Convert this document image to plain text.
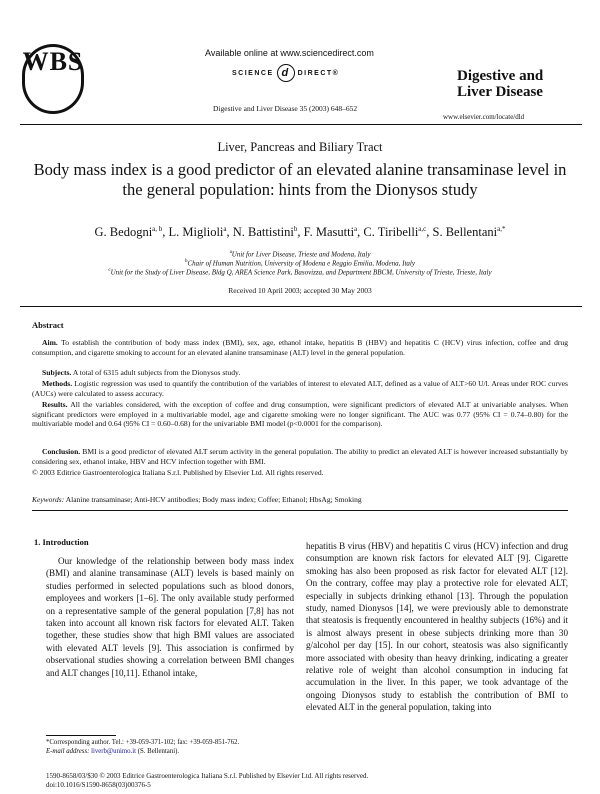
WBS	Available online at www.sciencedirect.com
SCIENCE d DIRECT®
Digestive and Liver Disease 35 (2003) 648–652
Digestive and
Liver Disease
www.elsevier.com/locate/dld
Liver, Pancreas and Biliary Tract
Body mass index is a good predictor of an elevated alanine transaminase level in the general population: hints from the Dionysos study
G. Bedogni$^{a, b}$, L. Miglioli$^a$, N. Battistini$^b$, F. Masutti$^a$, C. Tiribelli$^{a,c}$, S. Bellentani$^{a,*}$
$^a$Unit for Liver Disease, Trieste and Modena, Italy
$^b$Chair of Human Nutrition, University of Modena e Reggio Emilia, Modena, Italy
$^c$Unit for the Study of Liver Disease, Bldg Q, AREA Science Park, Basovizza, and Department BBCM, University of Trieste, Trieste, Italy
Received 10 April 2003; accepted 30 May 2003
Abstract
Aim. To establish the contribution of body mass index (BMI), sex, age, ethanol intake, hepatitis B (HBV) and hepatitis C (HCV) virus infection, coffee and drug consumption, and cigarette smoking to account for an elevated alanine transaminase (ALT) level in the general population.
Subjects. A total of 6315 adult subjects from the Dionysos study.
Methods. Logistic regression was used to quantify the contribution of the variables of interest to elevated ALT, defined as a value of ALT>60 U/l. Areas under ROC curves (AUCs) were calculated to assess accuracy.
Results. All the variables considered, with the exception of coffee and drug consumption, were significant predictors of elevated ALT at univariable analyses. When significant predictors were employed in a multivariable model, age and cigarette smoking were no longer significant. The AUC was 0.77 (95% CI = 0.74–0.80) for the multivariable model and 0.64 (95% CI = 0.60–0.68) for the univariable BMI model (p<0.0001 for the comparison).
Conclusion. BMI is a good predictor of elevated ALT serum activity in the general population. The ability to predict an elevated ALT is however increased substantially by considering sex, ethanol intake, HBV and HCV infection together with BMI.
© 2003 Editrice Gastroenterologica Italiana S.r.l. Published by Elsevier Ltd. All rights reserved.
Keywords: Alanine transaminase; Anti-HCV antibodies; Body mass index; Coffee; Ethanol; HbsAg; Smoking
1. Introduction
Our knowledge of the relationship between body mass index (BMI) and alanine transaminase (ALT) levels is based mainly on studies performed in selected populations such as blood donors, employees and workers [1–6]. The only available study performed on a representative sample of the general population [7,8] has not taken into account all known risk factors for elevated ALT. Taken together, these studies show that high BMI values are associated with elevated ALT levels [9]. This association is confirmed by observational studies showing a correlation between BMI changes and ALT changes [10,11]. Ethanol intake,
hepatitis B virus (HBV) and hepatitis C virus (HCV) infection and drug consumption are known risk factors for elevated ALT [9]. Cigarette smoking has also been proposed as risk factor for elevated ALT [12]. On the contrary, coffee may play a protective role for elevated ALT, especially in subjects drinking ethanol [13]. Through the population study, named Dionysos [14], we were previously able to demonstrate that steatosis is frequently encountered in healthy subjects (16%) and it is almost always present in obese subjects drinking more than 30 g/alcohol per day [15]. In our cohort, steatosis was also significantly more associated with obesity than heavy drinking, indicating a greater relative role of weight than alcohol consumption in inducing fat accumulation in the liver. In this paper, we took advantage of the ongoing Dionysos study to establish the contribution of BMI to elevated ALT in the general population, taking into
*Corresponding author. Tel.: +39-059-371-102; fax: +39-059-851-762.
E-mail address: liverb@unimo.it (S. Bellentani).
1590-8658/03/$30 © 2003 Editrice Gastroenterologica Italiana S.r.l. Published by Elsevier Ltd. All rights reserved.
doi:10.1016/S1590-8658(03)00376-5
